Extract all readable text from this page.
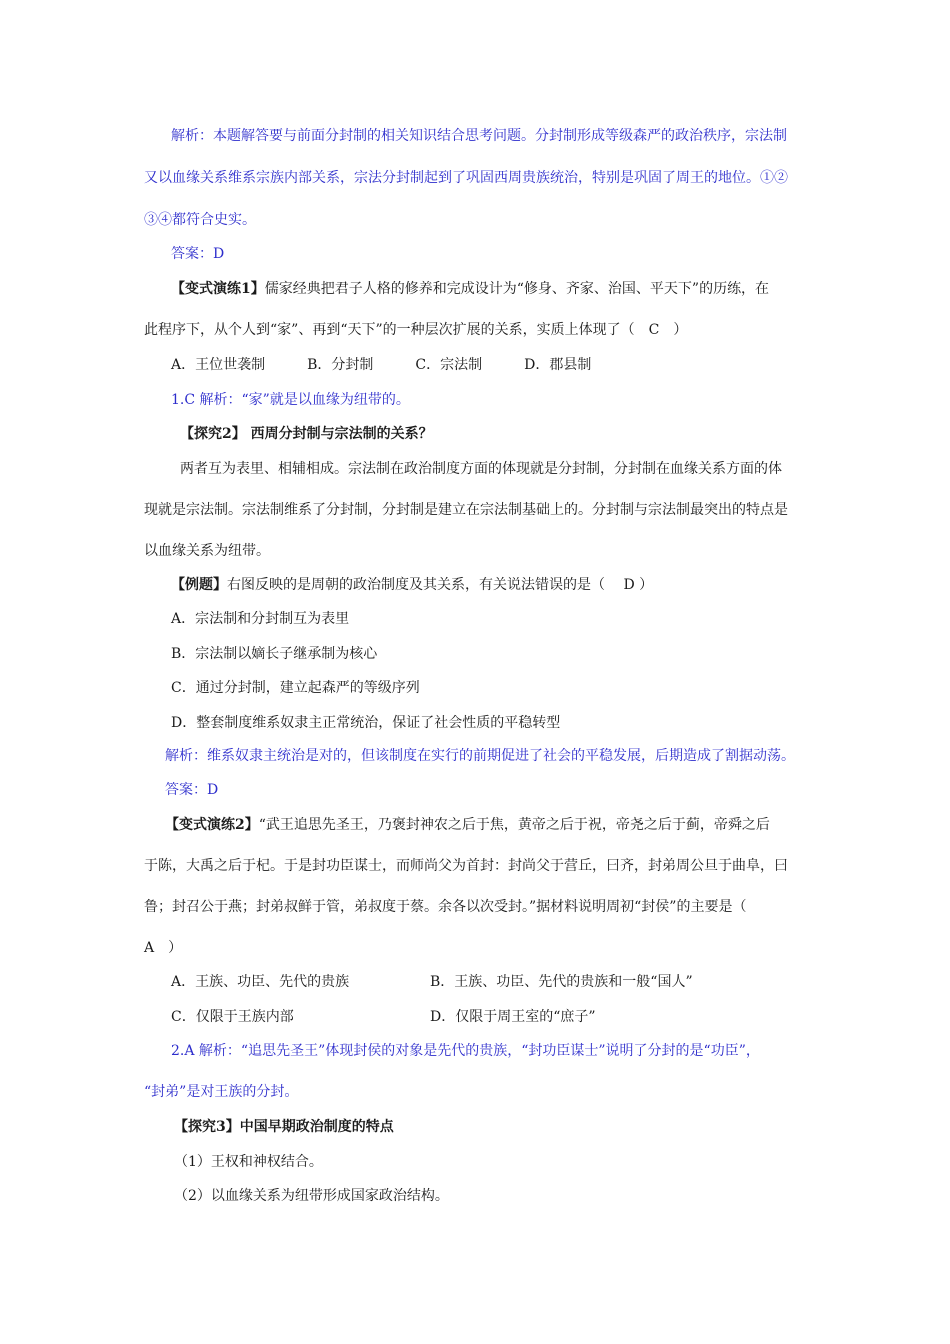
解析：本题解答要与前面分封制的相关知识结合思考问题。分封制形成等级森严的政治秩序，宗法制
又以血缘关系维系宗族内部关系，宗法分封制起到了巩固西周贵族统治，特别是巩固了周王的地位。①②
③④都符合史实。
答案：D
【变式演练1】儒家经典把君子人格的修养和完成设计为“修身、齐家、治国、平天下”的历练，在
此程序下，从个人到“家”、再到“天下”的一种层次扩展的关系，实质上体现了（　C　）
A．王位世袭制　　　B．分封制　　　C．宗法制　　　D．郡县制
1.C 解析：“家”就是以血缘为纽带的。
【探究2】 西周分封制与宗法制的关系？
两者互为表里、相辅相成。宗法制在政治制度方面的体现就是分封制，分封制在血缘关系方面的体
现就是宗法制。宗法制维系了分封制，分封制是建立在宗法制基础上的。分封制与宗法制最突出的特点是
以血缘关系为纽带。
【例题】右图反映的是周朝的政治制度及其关系，有关说法错误的是（　 D ）
A．宗法制和分封制互为表里
B．宗法制以嫡长子继承制为核心
C．通过分封制，建立起森严的等级序列
D．整套制度维系奴隶主正常统治，保证了社会性质的平稳转型
解析：维系奴隶主统治是对的，但该制度在实行的前期促进了社会的平稳发展，后期造成了割据动荡。
答案：D
【变式演练2】“武王追思先圣王，乃褒封神农之后于焦，黄帝之后于祝，帝尧之后于蓟，帝舜之后
于陈，大禹之后于杞。于是封功臣谋士，而师尚父为首封：封尚父于营丘，曰齐，封弟周公旦于曲阜，曰
鲁；封召公于燕；封弟叔鲜于管，弟叔度于蔡。余各以次受封。”据材料说明周初“封侯”的主要是（
A　）
A．王族、功臣、先代的贵族	B．王族、功臣、先代的贵族和一般“国人”
C．仅限于王族内部	D．仅限于周王室的“庶子”
2.A 解析：“追思先圣王”体现封侯的对象是先代的贵族，“封功臣谋士”说明了分封的是“功臣”，
“封弟”是对王族的分封。
【探究3】中国早期政治制度的特点
（1）王权和神权结合。
（2）以血缘关系为纽带形成国家政治结构。
